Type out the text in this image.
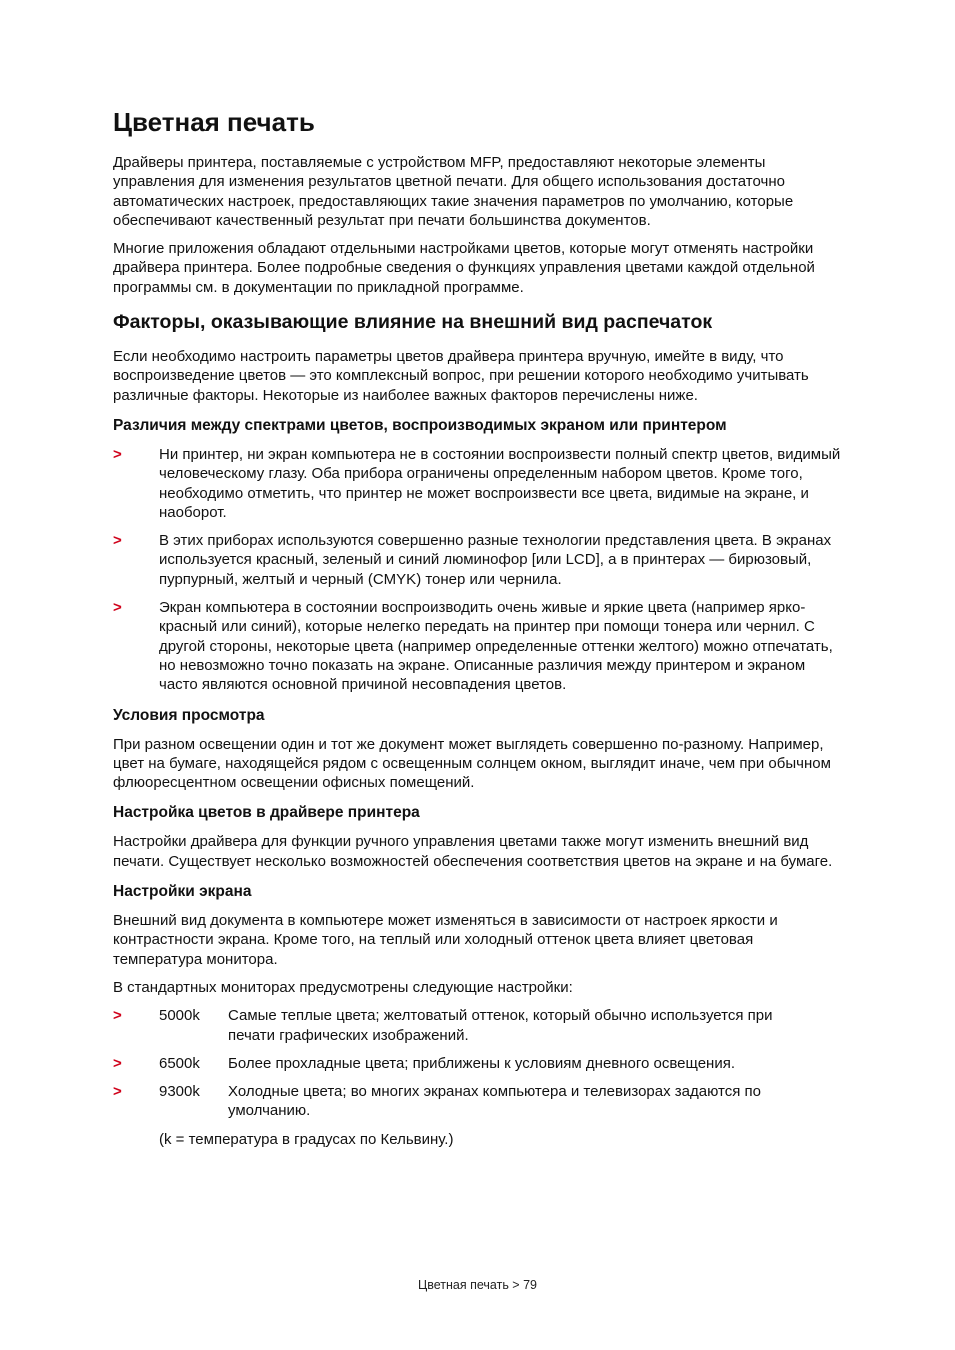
Цветная печать

Драйверы принтера, поставляемые с устройством MFP, предоставляют некоторые элементы управления для изменения результатов цветной печати. Для общего использования достаточно автоматических настроек, предоставляющих такие значения параметров по умолчанию, которые обеспечивают качественный результат при печати большинства документов.

Многие приложения обладают отдельными настройками цветов, которые могут отменять настройки драйвера принтера. Более подробные сведения о функциях управления цветами каждой отдельной программы см. в документации по прикладной программе.

Факторы, оказывающие влияние на внешний вид распечаток

Если необходимо настроить параметры цветов драйвера принтера вручную, имейте в виду, что воспроизведение цветов — это комплексный вопрос, при решении которого необходимо учитывать различные факторы. Некоторые из наиболее важных факторов перечислены ниже.

Различия между спектрами цветов, воспроизводимых экраном или принтером
> Ни принтер, ни экран компьютера не в состоянии воспроизвести полный спектр цветов, видимый человеческому глазу. Оба прибора ограничены определенным набором цветов. Кроме того, необходимо отметить, что принтер не может воспроизвести все цвета, видимые на экране, и наоборот.
> В этих приборах используются совершенно разные технологии представления цвета. В экранах используется красный, зеленый и синий люминофор [или LCD], а в принтерах — бирюзовый, пурпурный, желтый и черный (CMYK) тонер или чернила.
> Экран компьютера в состоянии воспроизводить очень живые и яркие цвета (например ярко-красный или синий), которые нелегко передать на принтер при помощи тонера или чернил. С другой стороны, некоторые цвета (например определенные оттенки желтого) можно отпечатать, но невозможно точно показать на экране. Описанные различия между принтером и экраном часто являются основной причиной несовпадения цветов.
Условия просмотра

При разном освещении один и тот же документ может выглядеть совершенно по-разному. Например, цвет на бумаге, находящейся рядом с освещенным солнцем окном, выглядит иначе, чем при обычном флюоресцентном освещении офисных помещений.

Настройка цветов в драйвере принтера

Настройки драйвера для функции ручного управления цветами также могут изменить внешний вид печати. Существует несколько возможностей обеспечения соответствия цветов на экране и на бумаге.

Настройки экрана

Внешний вид документа в компьютере может изменяться в зависимости от настроек яркости и контрастности экрана. Кроме того, на теплый или холодный оттенок цвета влияет цветовая температура монитора.

В стандартных мониторах предусмотрены следующие настройки:

> 5000k Самые теплые цвета; желтоватый оттенок, который обычно используется при печати графических изображений.
> 6500k Более прохладные цвета; приближены к условиям дневного освещения.
> 9300k Холодные цвета; во многих экранах компьютера и телевизорах задаются по умолчанию.

(k = температура в градусах по Кельвину.)

Цветная печать > 79
